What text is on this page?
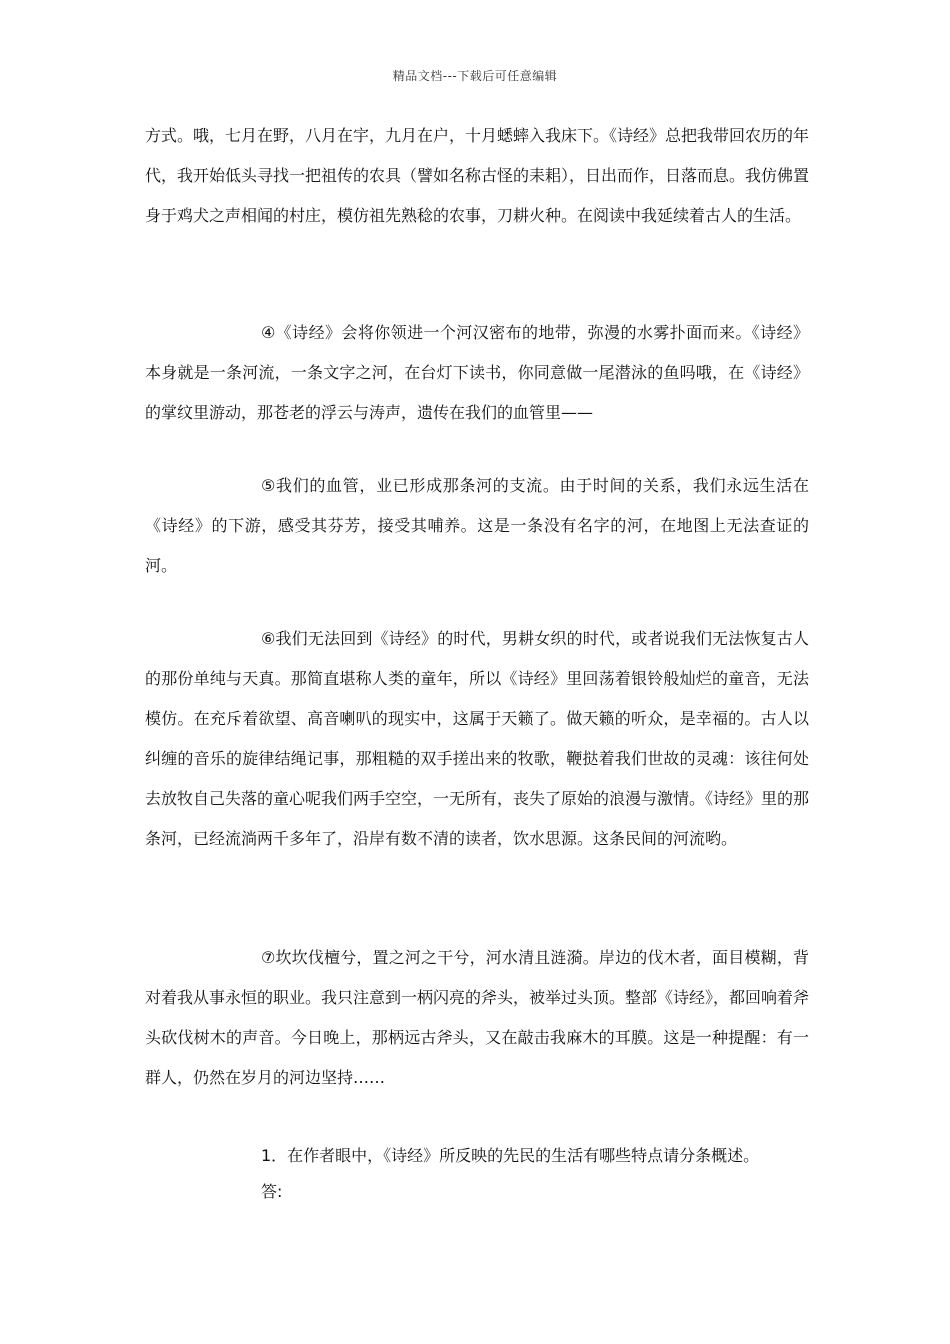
精品文档---下载后可任意编辑

方式。哦，七月在野，八月在宇，九月在户，十月蟋蟀入我床下。《诗经》总把我带回农历的年代，我开始低头寻找一把祖传的农具（譬如名称古怪的耒耜），日出而作，日落而息。我仿佛置身于鸡犬之声相闻的村庄，模仿祖先熟稔的农事，刀耕火种。在阅读中我延续着古人的生活。

④《诗经》会将你领进一个河汉密布的地带，弥漫的水雾扑面而来。《诗经》本身就是一条河流，一条文字之河，在台灯下读书，你同意做一尾潜泳的鱼吗哦，在《诗经》的掌纹里游动，那苍老的浮云与涛声，遗传在我们的血管里——

⑤我们的血管，业已形成那条河的支流。由于时间的关系，我们永远生活在《诗经》的下游，感受其芬芳，接受其哺养。这是一条没有名字的河，在地图上无法查证的河。

⑥我们无法回到《诗经》的时代，男耕女织的时代，或者说我们无法恢复古人的那份单纯与天真。那简直堪称人类的童年，所以《诗经》里回荡着银铃般灿烂的童音，无法模仿。在充斥着欲望、高音喇叭的现实中，这属于天籁了。做天籁的听众，是幸福的。古人以纠缠的音乐的旋律结绳记事，那粗糙的双手搓出来的牧歌，鞭挞着我们世故的灵魂：该往何处去放牧自己失落的童心呢我们两手空空，一无所有，丧失了原始的浪漫与激情。《诗经》里的那条河，已经流淌两千多年了，沿岸有数不清的读者，饮水思源。这条民间的河流哟。

⑦坎坎伐檀兮，置之河之干兮，河水清且涟漪。岸边的伐木者，面目模糊，背对着我从事永恒的职业。我只注意到一柄闪亮的斧头，被举过头顶。整部《诗经》，都回响着斧头砍伐树木的声音。今日晚上，那柄远古斧头，又在敲击我麻木的耳膜。这是一种提醒：有一群人，仍然在岁月的河边坚持……

1．在作者眼中，《诗经》所反映的先民的生活有哪些特点请分条概述。

答:
